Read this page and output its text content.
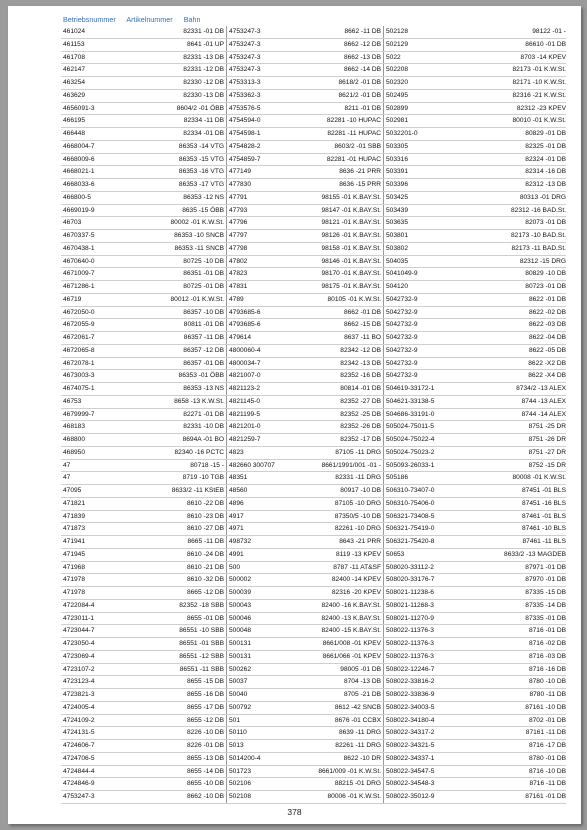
Betriebsnummer Artikelnummer Bahn
461024	82331 -01 DB 4753247-3	8662 -11 DB 502128	98122 -01 -
461153	8641 -01 UP 4753247-3	8662 -12 DB 502129	86610 -01 DB
461708	82331 -13 DB 4753247-3	8662 -13 DB 5022	8703 -14 KPEV
462147	82331 -12 DB 4753247-3	8662 -14 DB 502208	82173 -01 K.W.St.
463254	82330 -12 DB 4753313-3	8618/2 -01 DB 502320	82171 -10 K.W.St.
463629	82330 -13 DB 4753362-3	8621/2 -01 DB 502495	82316 -21 K.W.St.
4656091-3	8604/2 -01 ÖBB 4753576-5	8211 -01 DB 502899	82312 -23 KPEV
466195	82334 -11 DB 4754594-0	82281 -10 HUPAC 502981	80010 -01 K.W.St.
466448	82334 -01 DB 4754598-1	82281 -11 HUPAC 5032201-0	80829 -01 DB
4668004-7	86353 -14 VTG 4754828-2	8603/2 -01 SBB 503305	82325 -01 DB
4668009-6	86353 -15 VTG 4754859-7	82281 -01 HUPAC 503316	82324 -01 DB
4668021-1	86353 -16 VTG 477149	8636 -21 PRR 503391	82314 -16 DB
4668033-6	86353 -17 VTG 477830	8636 -15 PRR 503396	82312 -13 DB
466800-5	86353 -12 NS 47791	98155 -01 K.BAY.St. 503425	80313 -01 DRG
4669019-9	8635 -15 ÖBB 47793	98147 -01 K.BAY.St. 503439	82312 -16 BAD.St.
46703	80002 -01 K.W.St. 47796	98121 -01 K.BAY.St. 503635	82073 -01 DB
4670337-5	86353 -10 SNCB 47797	98126 -01 K.BAY.St. 503801	82173 -10 BAD.St.
4670438-1	86353 -11 SNCB 47798	98158 -01 K.BAY.St. 503802	82173 -11 BAD.St.
4670640-0	80725 -10 DB 47802	98146 -01 K.BAY.St. 504035	82312 -15 DRG
4671009-7	86351 -01 DB 47823	98170 -01 K.BAY.St. 5041049-9	80829 -10 DB
4671286-1	80725 -01 DB 47831	98175 -01 K.BAY.St. 504120	80723 -01 DB
46719	80012 -01 K.W.St. 4789	80105 -01 K.W.St. 5042732-9	8622 -01 DB
4672050-0	86357 -10 DB 4793685-6	8662 -01 DB 5042732-9	8622 -02 DB
4672055-9	80811 -01 DB 4793685-6	8662 -15 DB 5042732-9	8622 -03 DB
4672061-7	86357 -11 DB 479614	8637 -11 BO 5042732-9	8622 -04 DB
4672065-8	86357 -12 DB 4800060-4	82342 -12 DB 5042732-9	8622 -05 DB
4672078-1	86357 -01 DB 4800034-7	82342 -13 DB 5042732-9	8622 -X2 DB
4673003-3	86353 -01 ÖBB 4821007-0	82352 -16 DB 5042732-9	8622 -X4 DB
4674075-1	86353 -13 NS 4821123-2	80814 -01 DB 504619-33172-1	8734/2 -13 ALEX
46753	8658 -13 K.W.St. 4821145-0	82352 -27 DB 504621-33138-5	8744 -13 ALEX
4679999-7	82271 -01 DB 4821199-5	82352 -25 DB 504686-33191-0	8744 -14 ALEX
468183	82331 -10 DB 4821201-0	82352 -26 DB 505024-75011-5	8751 -25 DR
468800	8694A -01 BO 4821259-7	82352 -17 DB 505024-75022-4	8751 -26 DR
468950	82340 -16 PCTC 4823	87105 -11 DRG 505024-75023-2	8751 -27 DR
47	80718 -15 - 482660 300707	8661/1991/001 -01 - 505093-26033-1	8752 -15 DR
47	8719 -10 TGB 48351	82331 -11 DRG 505186	80008 -01 K.W.St.
47095	8633/2 -11 KStEB 48560	80917 -10 DB 506310-73407-0	87451 -01 BLS
471821	8610 -22 DB 4896	87105 -10 DRG 506310-75406-0	87451 -16 BLS
471839	8610 -23 DB 4917	87350/5 -10 DB 506321-73408-5	87461 -01 BLS
471873	8610 -27 DB 4971	82261 -10 DRG 506321-75419-0	87461 -10 BLS
471941	8665 -11 DB 498732	8643 -21 PRR 506321-75420-8	87461 -11 BLS
471945	8610 -24 DB 4991	8119 -13 KPEV 50653	8633/2 -13 MAGDEB
471968	8610 -21 DB 500	8787 -11 AT&SF 508020-33112-2	87971 -01 DB
471978	8610 -32 DB 500002	82400 -14 KPEV 508020-33176-7	87970 -01 DB
471978	8665 -12 DB 500039	82316 -20 KPEV 508021-11238-6	87335 -15 DB
4722084-4	82352 -18 SBB 500043	82400 -16 K.BAY.St. 508021-11268-3	87335 -14 DB
4723011-1	8655 -01 DB 500046	82400 -13 K.BAY.St. 508021-11270-9	87335 -01 DB
4723044-7	86551 -10 SBB 500048	82400 -15 K.BAY.St. 508022-11376-3	8716 -01 DB
4723050-4	86551 -01 SBB 500131	8661/008 -01 KPEV 508022-11376-3	8716 -02 DB
4723069-4	86551 -12 SBB 500131	8661/066 -01 KPEV 508022-11376-3	8716 -03 DB
4723107-2	86551 -11 SBB 500262	98005 -01 DB 508022-12246-7	8716 -16 DB
4723123-4	8655 -15 DB 50037	8704 -13 DB 508022-33816-2	8780 -10 DB
4723821-3	8655 -16 DB 50040	8705 -21 DB 508022-33836-9	8780 -11 DB
4724005-4	8655 -17 DB 500792	8612 -42 SNCB 508022-34003-5	87161 -10 DB
4724109-2	8655 -12 DB 501	8676 -01 CCBX 508022-34180-4	8702 -01 DB
4724131-5	8226 -10 DB 50110	8639 -11 DRG 508022-34317-2	87161 -11 DB
4724606-7	8226 -01 DB 5013	82261 -11 DRG 508022-34321-5	8716 -17 DB
4724706-5	8655 -13 DB 5014200-4	8622 -10 DR 508022-34337-1	8780 -01 DB
4724844-4	8655 -14 DB 501723	8661/009 -01 K.W.St. 508022-34547-5	8716 -10 DB
4724846-9	8655 -10 DB 502106	88215 -01 DRG 508022-34548-3	8716 -11 DB
4753247-3	8662 -10 DB 502108	80006 -01 K.W.St. 508022-35012-9	87161 -01 DB
378
